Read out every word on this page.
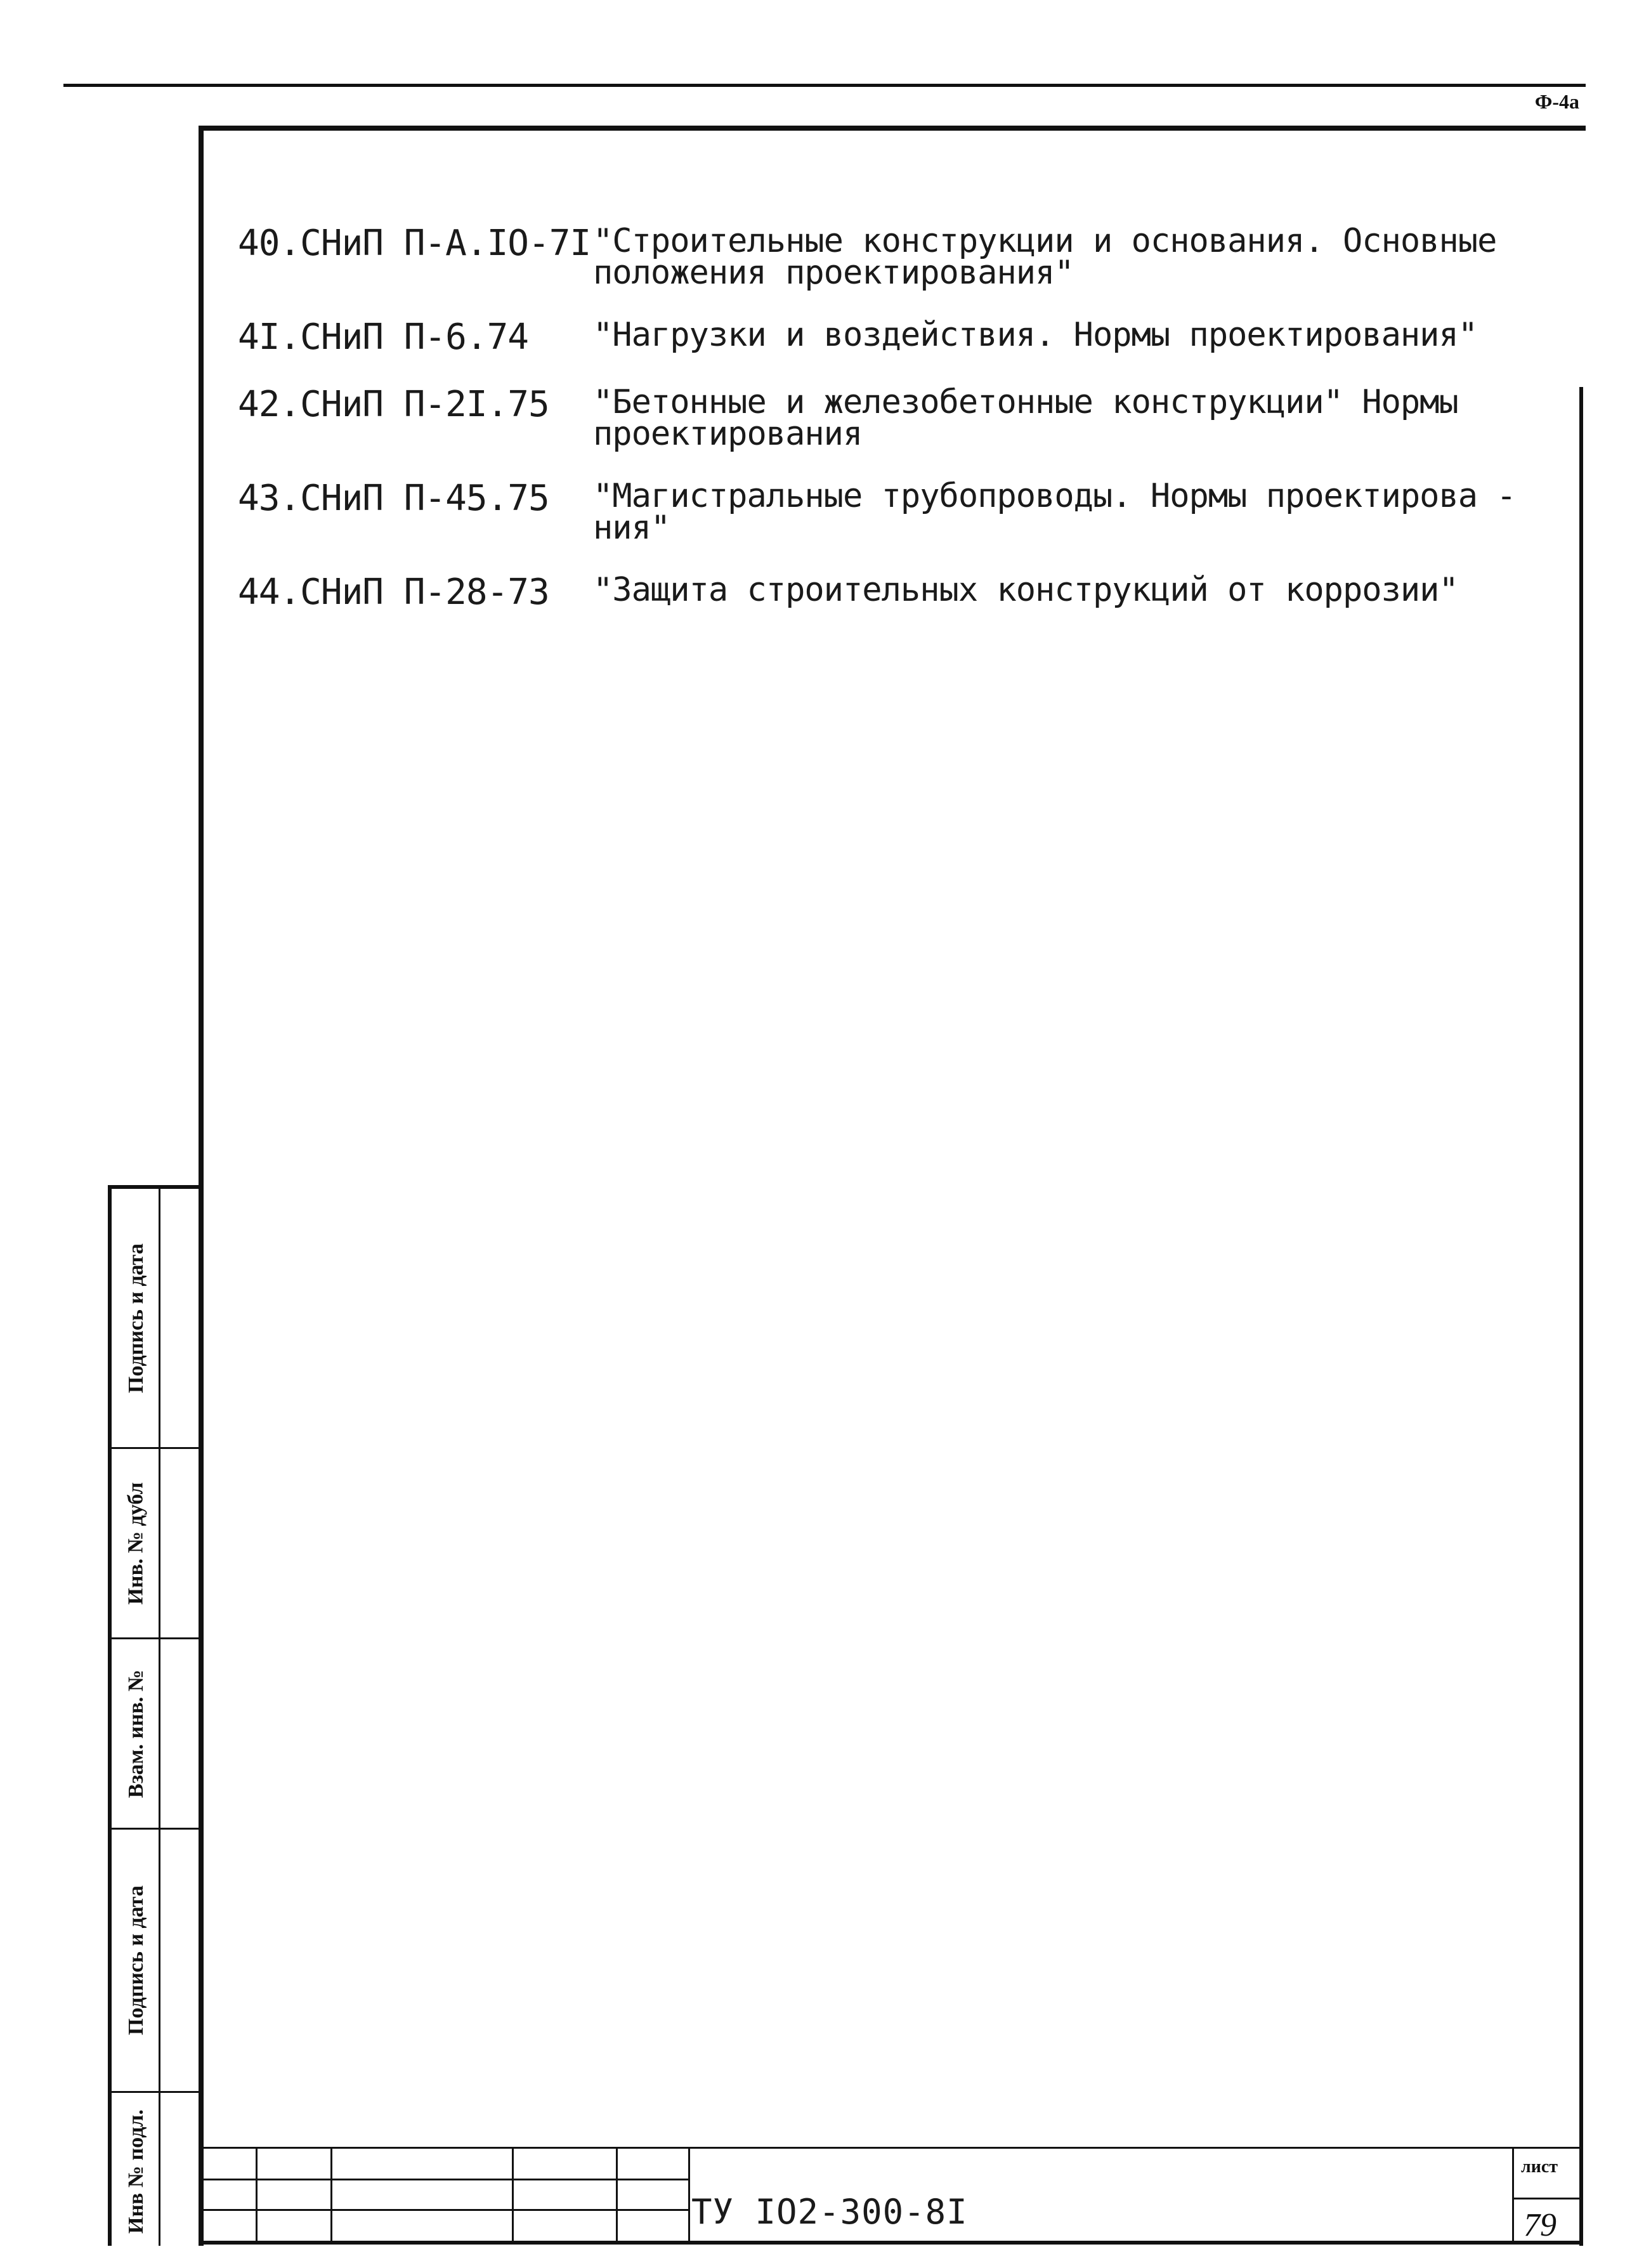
Ф-4а
40.СНиП П-А.IO-7I "Строительные конструкции и основания. Основные положения проектирования"
4I.СНиП П-6.74	"Нагрузки и воздействия. Нормы проектирования"
42.СНиП П-2I.75	"Бетонные и железобетонные конструкции" Нормы проектирования
43.СНиП П-45.75	"Магистральные трубопроводы. Нормы проектирова - ния"
44.СНиП П-28-73	"Защита строительных конструкций от коррозии"
Подпись и дата
Инв. № дубл
Взам. инв. №
Подпись и дата
Инв № подл.	ТУ IO2-300-8I
лист
79
